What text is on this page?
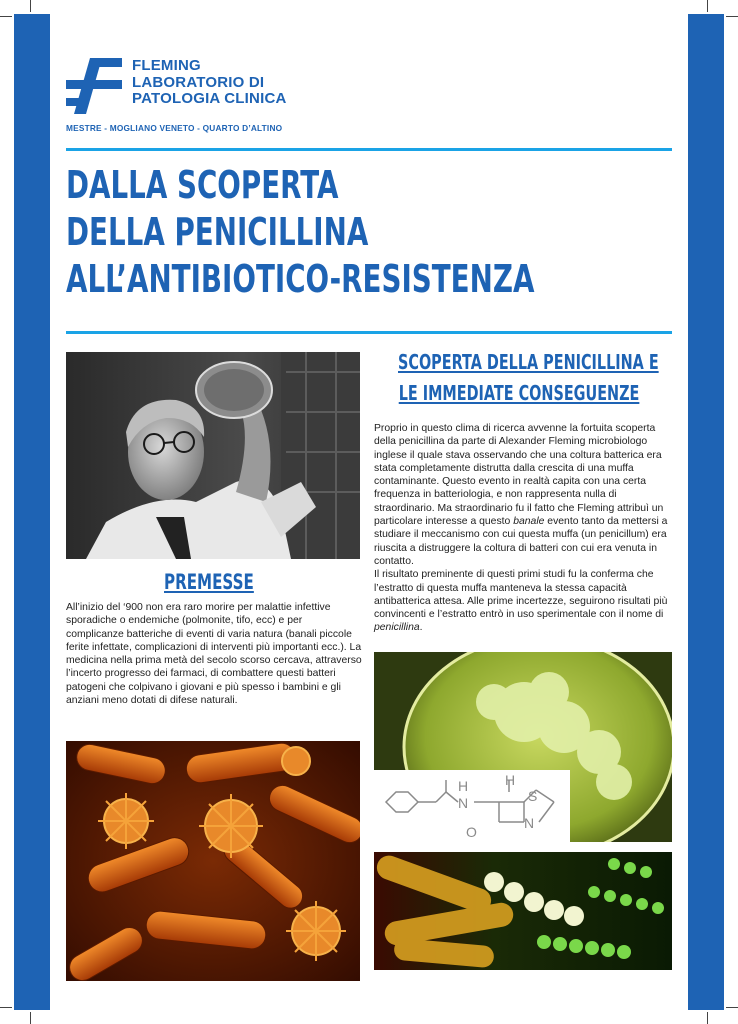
FLEMING
LABORATORIO DI
PATOLOGIA CLINICA
MESTRE - MOGLIANO VENETO - QUARTO D’ALTINO
DALLA SCOPERTA
DELLA PENICILLINA
ALL’ANTIBIOTICO-RESISTENZA
PREMESSE

All’inizio del ‘900 non era raro morire per malattie infettive sporadiche o endemiche (polmonite, tifo, ecc) e per complicanze batteriche di eventi di varia natura (banali piccole ferite infettate, complicazioni di interventi più importanti ecc.). La medicina nella prima metà del secolo scorso cercava, attraverso l’incerto progresso dei farmaci, di combattere questi batteri patogeni che colpivano i giovani e più spesso i bambini e gli anziani meno dotati di difese naturali.

SCOPERTA DELLA PENICILLINA E
LE IMMEDIATE CONSEGUENZE

Proprio in questo clima di ricerca avvenne la fortuita scoperta della penicillina da parte di Alexander Fleming microbiologo inglese il quale stava osservando che una coltura batterica era stata completamente distrutta dalla crescita di una muffa contaminante. Questo evento in realtà capita con una certa frequenza in batteriologia, e non rappresenta nulla di straordinario. Ma straordinario fu il fatto che Fleming attribuì un particolare interesse a questo banale evento tanto da mettersi a studiare il meccanismo con cui questa muffa (un penicillum) era riuscita a distruggere la coltura di batteri con cui era venuta in contatto.

Il risultato preminente di questi primi studi fu la conferma che l’estratto di questa muffa manteneva la stessa capacità antibatterica attesa. Alle prime incertezze, seguirono risultati più convincenti e l’estratto entrò in uso sperimentale con il nome di penicillina.

H
N
H
S
N
O
